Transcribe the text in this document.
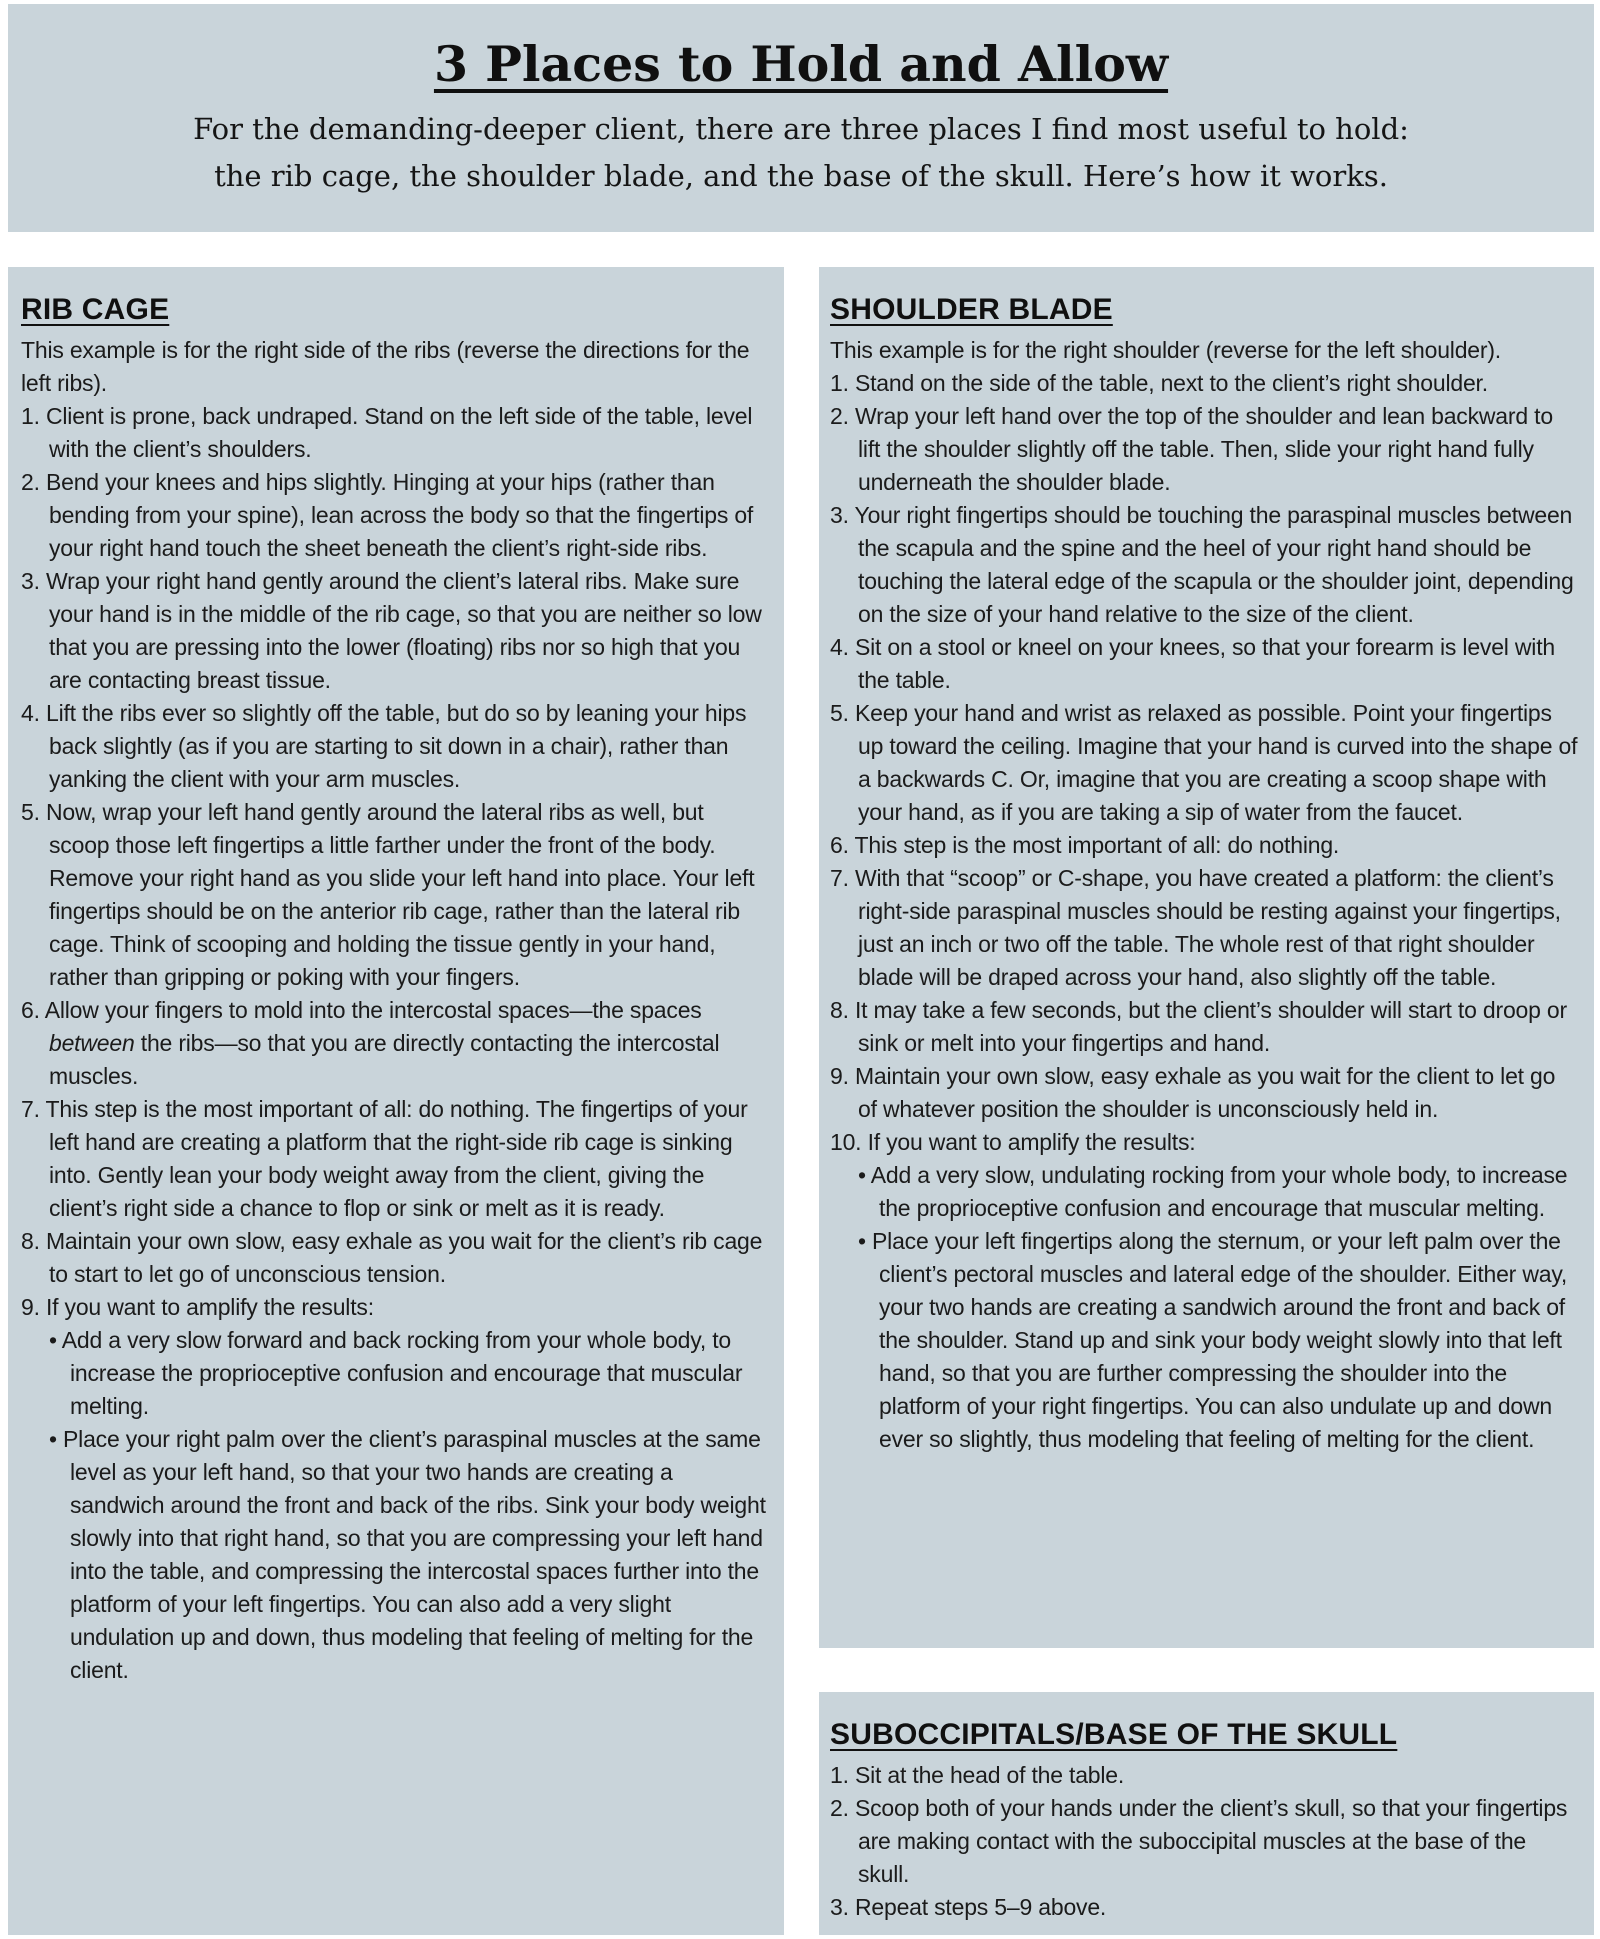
3 Places to Hold and Allow

For the demanding-deeper client, there are three places I find most useful to hold:
the rib cage, the shoulder blade, and the base of the skull. Here’s how it works.

RIB CAGE

This example is for the right side of the ribs (reverse the directions for the left ribs).

1. Client is prone, back undraped. Stand on the left side of the table, level with the client’s shoulders.
2. Bend your knees and hips slightly. Hinging at your hips (rather than bending from your spine), lean across the body so that the fingertips of your right hand touch the sheet beneath the client’s right-side ribs.
3. Wrap your right hand gently around the client’s lateral ribs. Make sure your hand is in the middle of the rib cage, so that you are neither so low that you are pressing into the lower (floating) ribs nor so high that you are contacting breast tissue.
4. Lift the ribs ever so slightly off the table, but do so by leaning your hips back slightly (as if you are starting to sit down in a chair), rather than yanking the client with your arm muscles.
5. Now, wrap your left hand gently around the lateral ribs as well, but scoop those left fingertips a little farther under the front of the body. Remove your right hand as you slide your left hand into place. Your left fingertips should be on the anterior rib cage, rather than the lateral rib cage. Think of scooping and holding the tissue gently in your hand, rather than gripping or poking with your fingers.
6. Allow your fingers to mold into the intercostal spaces—the spaces between the ribs—so that you are directly contacting the intercostal muscles.
7. This step is the most important of all: do nothing. The fingertips of your left hand are creating a platform that the right-side rib cage is sinking into. Gently lean your body weight away from the client, giving the client’s right side a chance to flop or sink or melt as it is ready.
8. Maintain your own slow, easy exhale as you wait for the client’s rib cage to start to let go of unconscious tension.
9. If you want to amplify the results:
• Add a very slow forward and back rocking from your whole body, to increase the proprioceptive confusion and encourage that muscular melting.
• Place your right palm over the client’s paraspinal muscles at the same level as your left hand, so that your two hands are creating a sandwich around the front and back of the ribs. Sink your body weight slowly into that right hand, so that you are compressing your left hand into the table, and compressing the intercostal spaces further into the platform of your left fingertips. You can also add a very slight undulation up and down, thus modeling that feeling of melting for the client.
SHOULDER BLADE

This example is for the right shoulder (reverse for the left shoulder).

1. Stand on the side of the table, next to the client’s right shoulder.
2. Wrap your left hand over the top of the shoulder and lean backward to lift the shoulder slightly off the table. Then, slide your right hand fully underneath the shoulder blade.
3. Your right fingertips should be touching the paraspinal muscles between the scapula and the spine and the heel of your right hand should be touching the lateral edge of the scapula or the shoulder joint, depending on the size of your hand relative to the size of the client.
4. Sit on a stool or kneel on your knees, so that your forearm is level with the table.
5. Keep your hand and wrist as relaxed as possible. Point your fingertips up toward the ceiling. Imagine that your hand is curved into the shape of a backwards C. Or, imagine that you are creating a scoop shape with your hand, as if you are taking a sip of water from the faucet.
6. This step is the most important of all: do nothing.
7. With that “scoop” or C-shape, you have created a platform: the client’s right-side paraspinal muscles should be resting against your fingertips, just an inch or two off the table. The whole rest of that right shoulder blade will be draped across your hand, also slightly off the table.
8. It may take a few seconds, but the client’s shoulder will start to droop or sink or melt into your fingertips and hand.
9. Maintain your own slow, easy exhale as you wait for the client to let go of whatever position the shoulder is unconsciously held in.
10. If you want to amplify the results:
• Add a very slow, undulating rocking from your whole body, to increase the proprioceptive confusion and encourage that muscular melting.
• Place your left fingertips along the sternum, or your left palm over the client’s pectoral muscles and lateral edge of the shoulder. Either way, your two hands are creating a sandwich around the front and back of the shoulder. Stand up and sink your body weight slowly into that left hand, so that you are further compressing the shoulder into the platform of your right fingertips. You can also undulate up and down ever so slightly, thus modeling that feeling of melting for the client.
SUBOCCIPITALS/BASE OF THE SKULL
1. Sit at the head of the table.
2. Scoop both of your hands under the client’s skull, so that your fingertips are making contact with the suboccipital muscles at the base of the skull.
3. Repeat steps 5–9 above.
